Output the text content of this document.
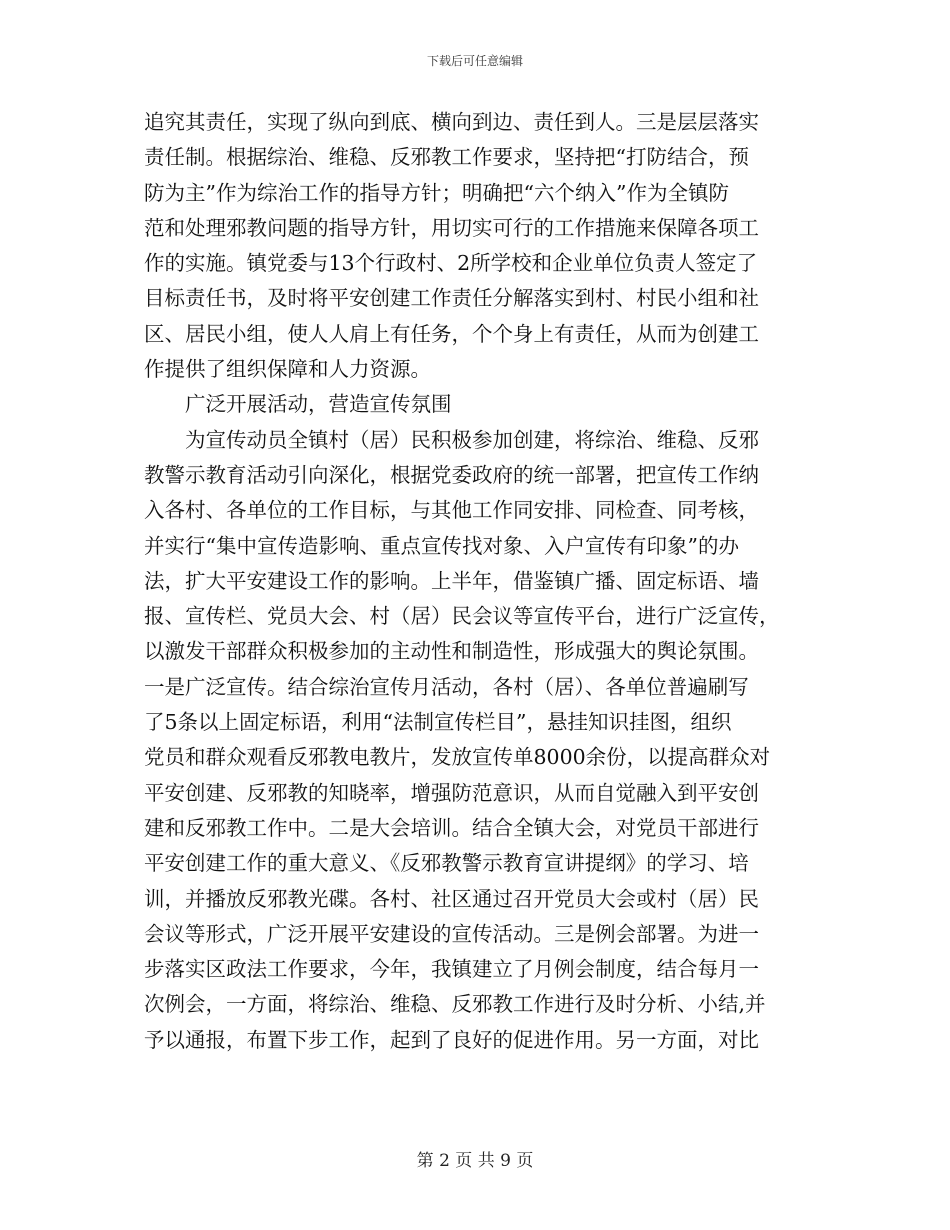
下载后可任意编辑
追究其责任，实现了纵向到底、横向到边、责任到人。三是层层落实
责任制。根据综治、维稳、反邪教工作要求，坚持把“打防结合，预
防为主”作为综治工作的指导方针；明确把“六个纳入”作为全镇防
范和处理邪教问题的指导方针，用切实可行的工作措施来保障各项工
作的实施。镇党委与13个行政村、2所学校和企业单位负责人签定了
目标责任书，及时将平安创建工作责任分解落实到村、村民小组和社
区、居民小组，使人人肩上有任务，个个身上有责任，从而为创建工
作提供了组织保障和人力资源。
广泛开展活动，营造宣传氛围
为宣传动员全镇村（居）民积极参加创建，将综治、维稳、反邪
教警示教育活动引向深化，根据党委政府的统一部署，把宣传工作纳
入各村、各单位的工作目标，与其他工作同安排、同检查、同考核，
并实行“集中宣传造影响、重点宣传找对象、入户宣传有印象”的办
法，扩大平安建设工作的影响。上半年，借鉴镇广播、固定标语、墙
报、宣传栏、党员大会、村（居）民会议等宣传平台，进行广泛宣传，
以激发干部群众积极参加的主动性和制造性，形成强大的舆论氛围。
一是广泛宣传。结合综治宣传月活动，各村（居）、各单位普遍刷写
了5条以上固定标语，利用“法制宣传栏目”，悬挂知识挂图，组织
党员和群众观看反邪教电教片，发放宣传单8000余份，以提高群众对
平安创建、反邪教的知晓率，增强防范意识，从而自觉融入到平安创
建和反邪教工作中。二是大会培训。结合全镇大会，对党员干部进行
平安创建工作的重大意义、《反邪教警示教育宣讲提纲》的学习、培
训，并播放反邪教光碟。各村、社区通过召开党员大会或村（居）民
会议等形式，广泛开展平安建设的宣传活动。三是例会部署。为进一
步落实区政法工作要求，今年，我镇建立了月例会制度，结合每月一
次例会，一方面，将综治、维稳、反邪教工作进行及时分析、小结,并
予以通报，布置下步工作，起到了良好的促进作用。另一方面，对比
第 2 页 共 9 页
